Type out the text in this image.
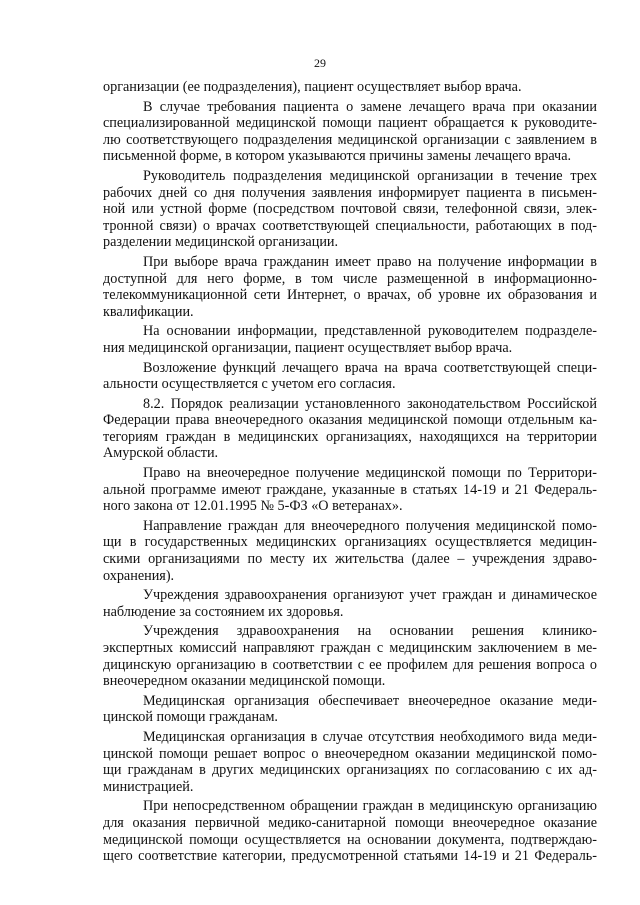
29
организации (ее подразделения), пациент осуществляет выбор врача.
В случае требования пациента о замене лечащего врача при оказании
специализированной медицинской помощи пациент обращается к руководите-
лю соответствующего подразделения медицинской организации с заявлением в
письменной форме, в котором указываются причины замены лечащего врача.
Руководитель подразделения медицинской организации в течение трех
рабочих дней со дня получения заявления информирует пациента в письмен-
ной или устной форме (посредством почтовой связи, телефонной связи, элек-
тронной связи) о врачах соответствующей специальности, работающих в под-
разделении медицинской организации.
При выборе врача гражданин имеет право на получение информации в
доступной для него форме, в том числе размещенной в информационно-
телекоммуникационной сети Интернет, о врачах, об уровне их образования и
квалификации.
На основании информации, представленной руководителем подразделе-
ния медицинской организации, пациент осуществляет выбор врача.
Возложение функций лечащего врача на врача соответствующей специ-
альности осуществляется с учетом его согласия.
8.2. Порядок реализации установленного законодательством Российской
Федерации права внеочередного оказания медицинской помощи отдельным ка-
тегориям граждан в медицинских организациях, находящихся на территории
Амурской области.
Право на внеочередное получение медицинской помощи по Территори-
альной программе имеют граждане, указанные в статьях 14-19 и 21 Федераль-
ного закона от 12.01.1995 № 5-ФЗ «О ветеранах».
Направление граждан для внеочередного получения медицинской помо-
щи в государственных медицинских организациях осуществляется медицин-
скими организациями по месту их жительства (далее – учреждения здраво-
охранения).
Учреждения здравоохранения организуют учет граждан и динамическое
наблюдение за состоянием их здоровья.
Учреждения здравоохранения на основании решения клинико-
экспертных комиссий направляют граждан с медицинским заключением в ме-
дицинскую организацию в соответствии с ее профилем для решения вопроса о
внеочередном оказании медицинской помощи.
Медицинская организация обеспечивает внеочередное оказание меди-
цинской помощи гражданам.
Медицинская организация в случае отсутствия необходимого вида меди-
цинской помощи решает вопрос о внеочередном оказании медицинской помо-
щи гражданам в других медицинских организациях по согласованию с их ад-
министрацией.
При непосредственном обращении граждан в медицинскую организацию
для оказания первичной медико-санитарной помощи внеочередное оказание
медицинской помощи осуществляется на основании документа, подтверждаю-
щего соответствие категории, предусмотренной статьями 14-19 и 21 Федераль-
